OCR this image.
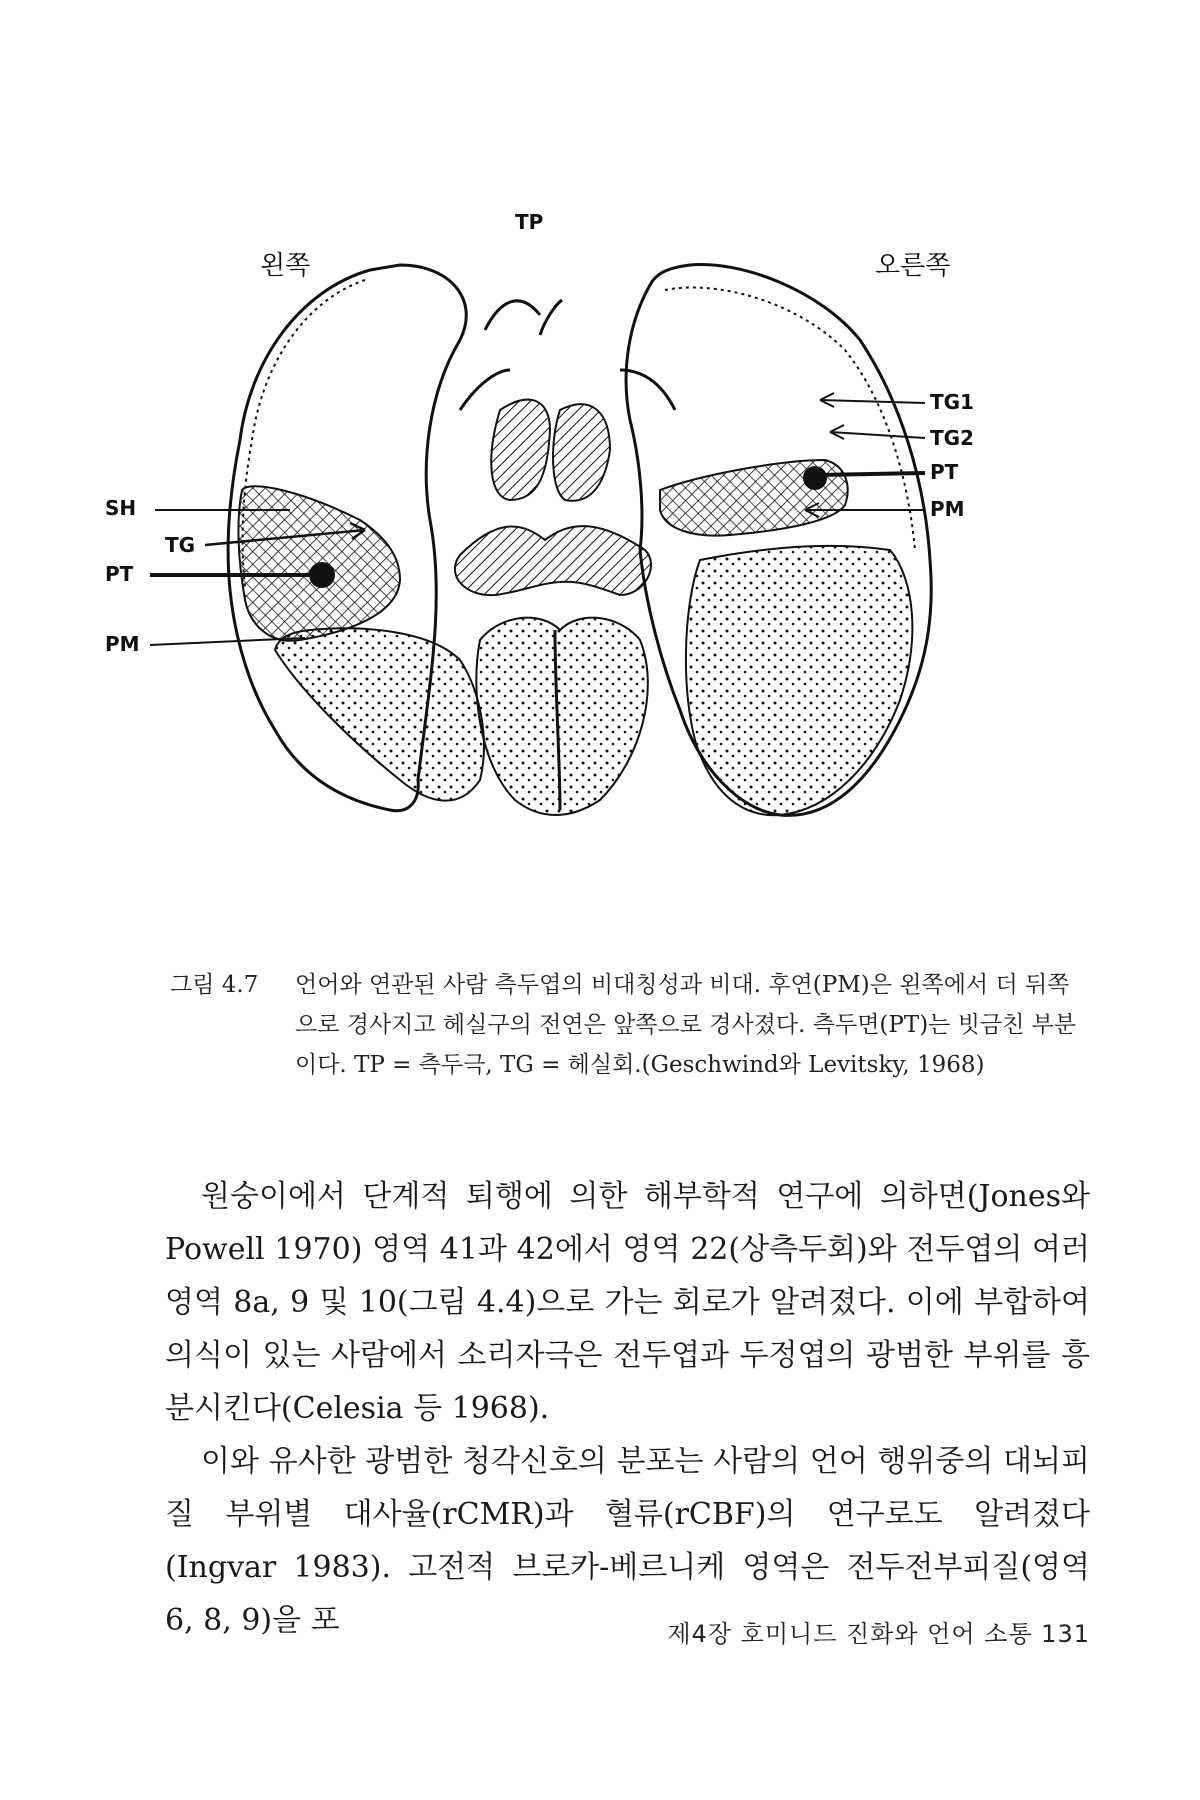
TP
왼쪽	오른쪽
SH
TG
PT
PM
TG1
TG2
PT
PM
그림 4.7	언어와 연관된 사람 측두엽의 비대칭성과 비대. 후연(PM)은 왼쪽에서 더 뒤쪽으로 경사지고 헤실구의 전연은 앞쪽으로 경사졌다. 측두면(PT)는 빗금친 부분이다. TP = 측두극, TG = 헤실회.(Geschwind와 Levitsky, 1968)

원숭이에서 단계적 퇴행에 의한 해부학적 연구에 의하면(Jones와 Powell 1970) 영역 41과 42에서 영역 22(상측두회)와 전두엽의 여러 영역 8a, 9 및 10(그림 4.4)으로 가는 회로가 알려졌다. 이에 부합하여 의식이 있는 사람에서 소리자극은 전두엽과 두정엽의 광범한 부위를 흥분시킨다(Celesia 등 1968).

이와 유사한 광범한 청각신호의 분포는 사람의 언어 행위중의 대뇌피질 부위별 대사율(rCMR)과 혈류(rCBF)의 연구로도 알려졌다(Ingvar 1983). 고전적 브로카-베르니케 영역은 전두전부피질(영역 6, 8, 9)을 포	제4장 호미니드 진화와 언어 소통 131
